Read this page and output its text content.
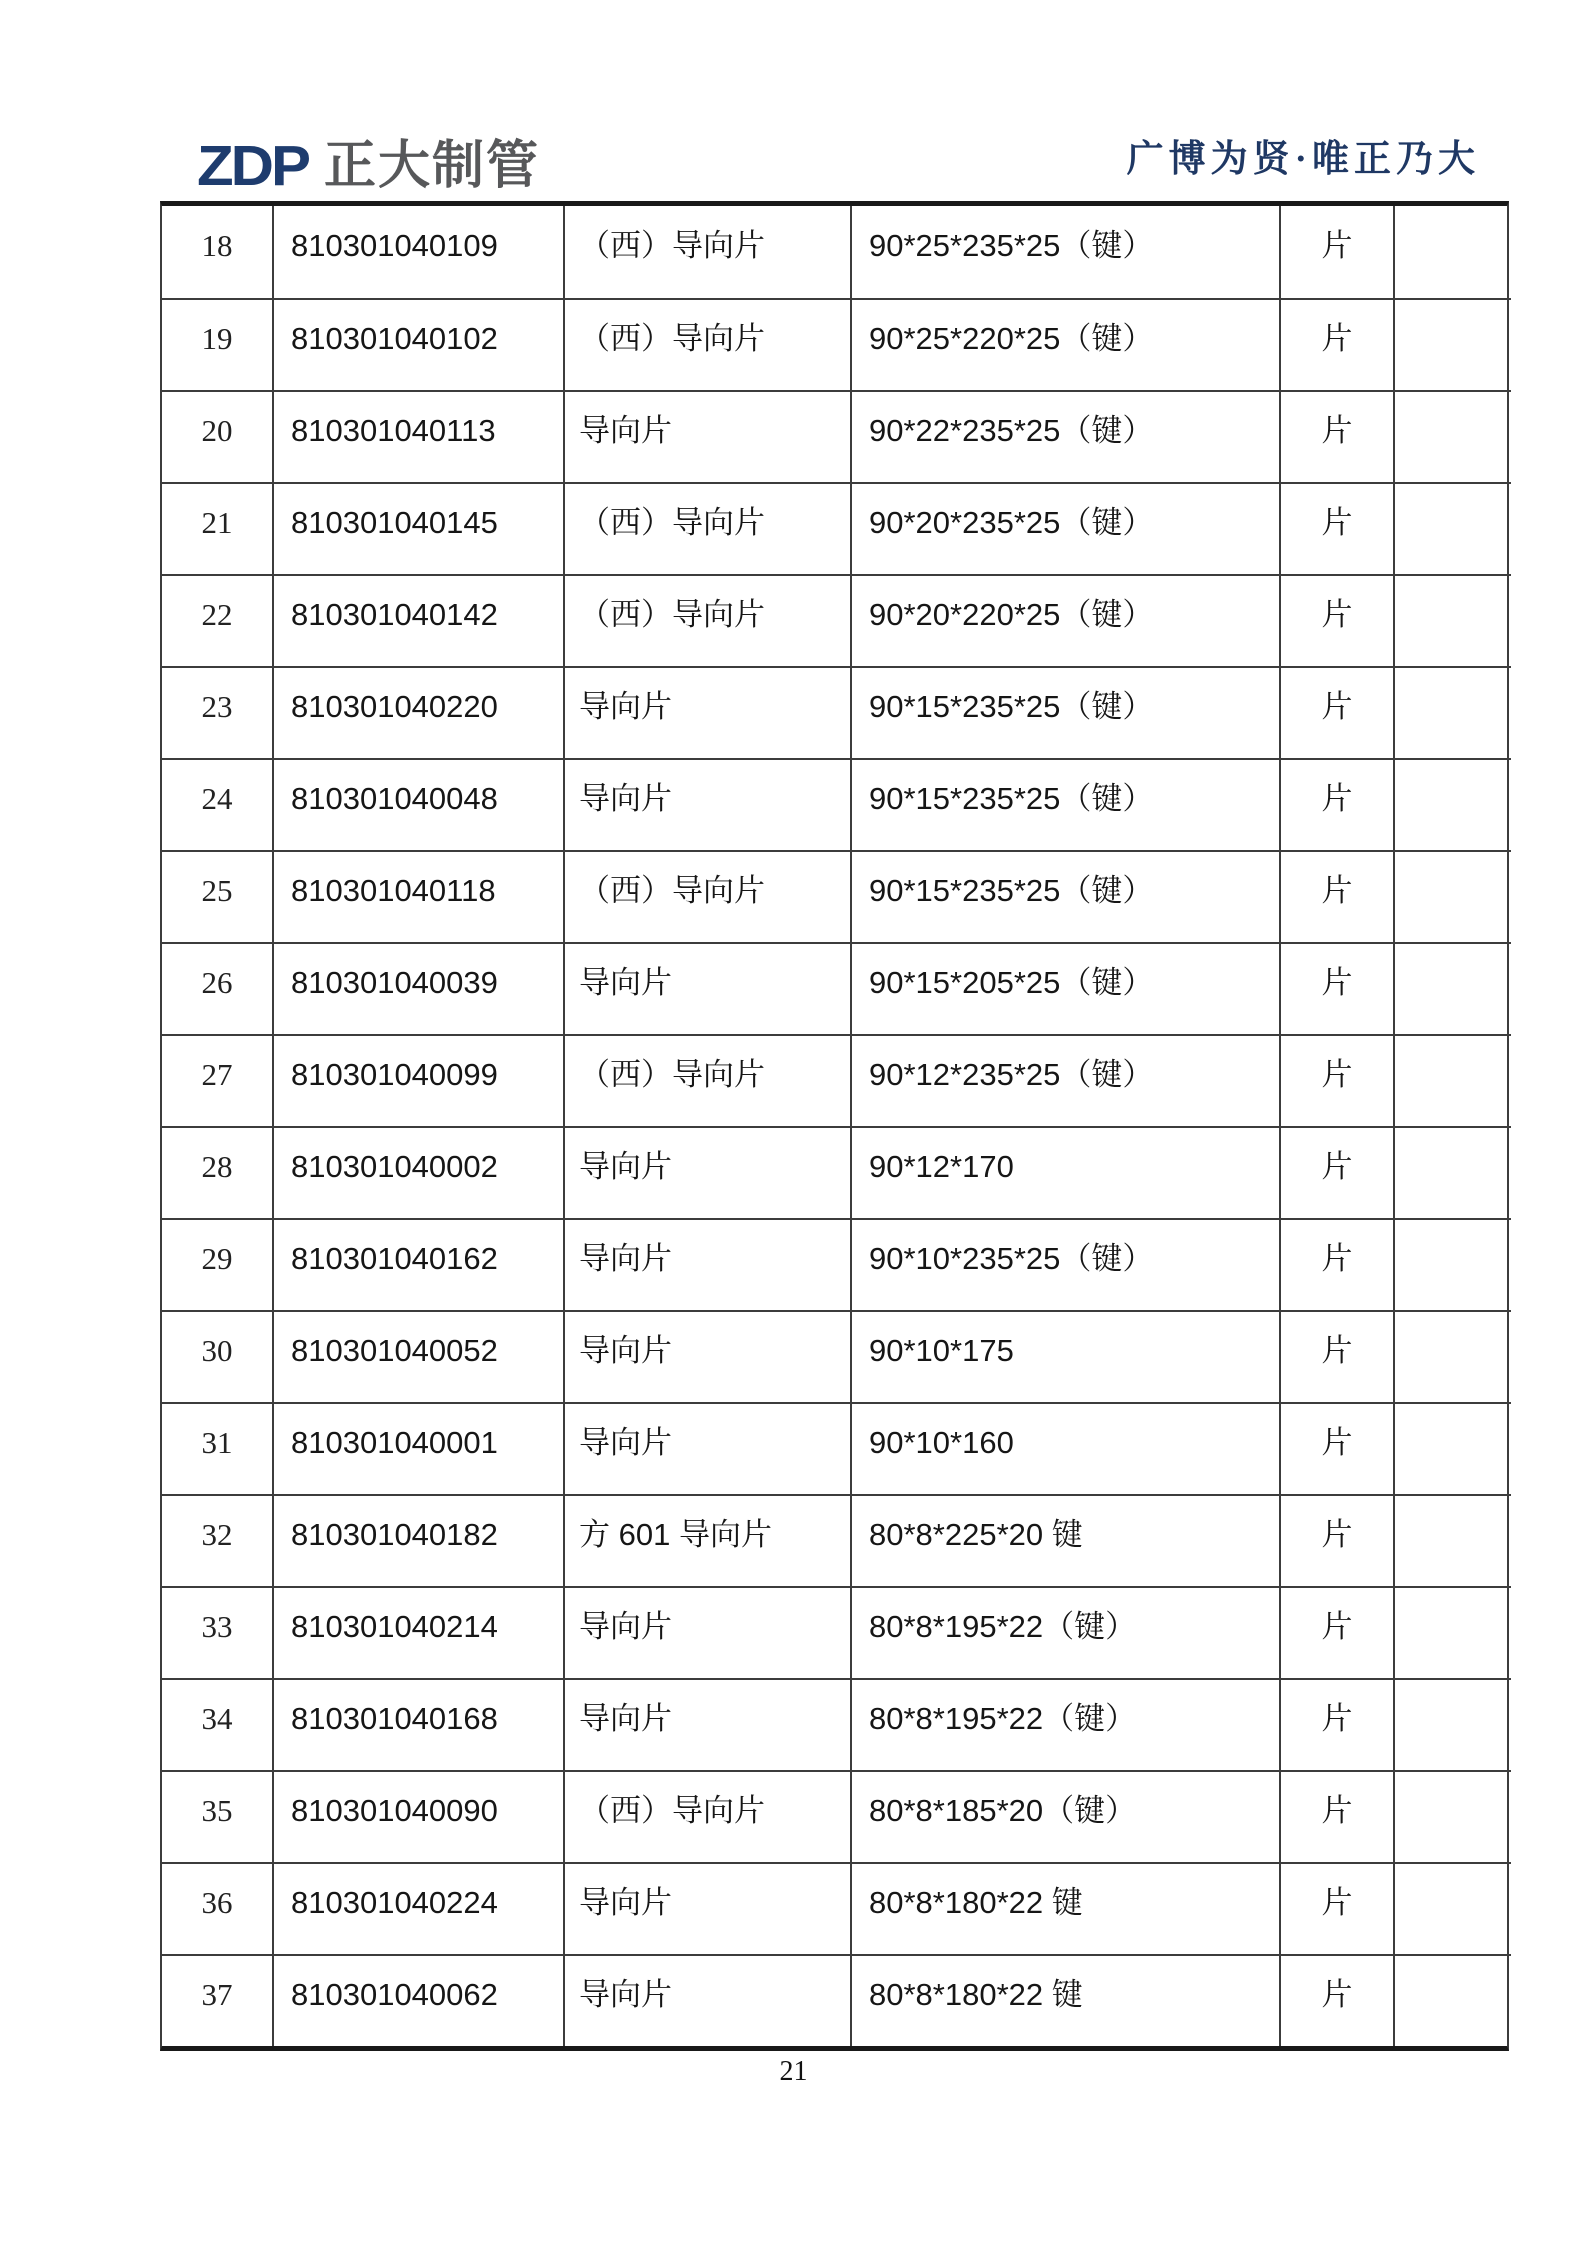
ZDP 正大制管	广博为贤·唯正乃大
18	810301040109	（西）导向片	90*25*235*25（键）	片
19	810301040102	（西）导向片	90*25*220*25（键）	片
20	810301040113	导向片	90*22*235*25（键）	片
21	810301040145	（西）导向片	90*20*235*25（键）	片
22	810301040142	（西）导向片	90*20*220*25（键）	片
23	810301040220	导向片	90*15*235*25（键）	片
24	810301040048	导向片	90*15*235*25（键）	片
25	810301040118	（西）导向片	90*15*235*25（键）	片
26	810301040039	导向片	90*15*205*25（键）	片
27	810301040099	（西）导向片	90*12*235*25（键）	片
28	810301040002	导向片	90*12*170	片
29	810301040162	导向片	90*10*235*25（键）	片
30	810301040052	导向片	90*10*175	片
31	810301040001	导向片	90*10*160	片
32	810301040182	方 601 导向片	80*8*225*20 键	片
33	810301040214	导向片	80*8*195*22（键）	片
34	810301040168	导向片	80*8*195*22（键）	片
35	810301040090	（西）导向片	80*8*185*20（键）	片
36	810301040224	导向片	80*8*180*22 键	片
37	810301040062	导向片	80*8*180*22 键	片
21
